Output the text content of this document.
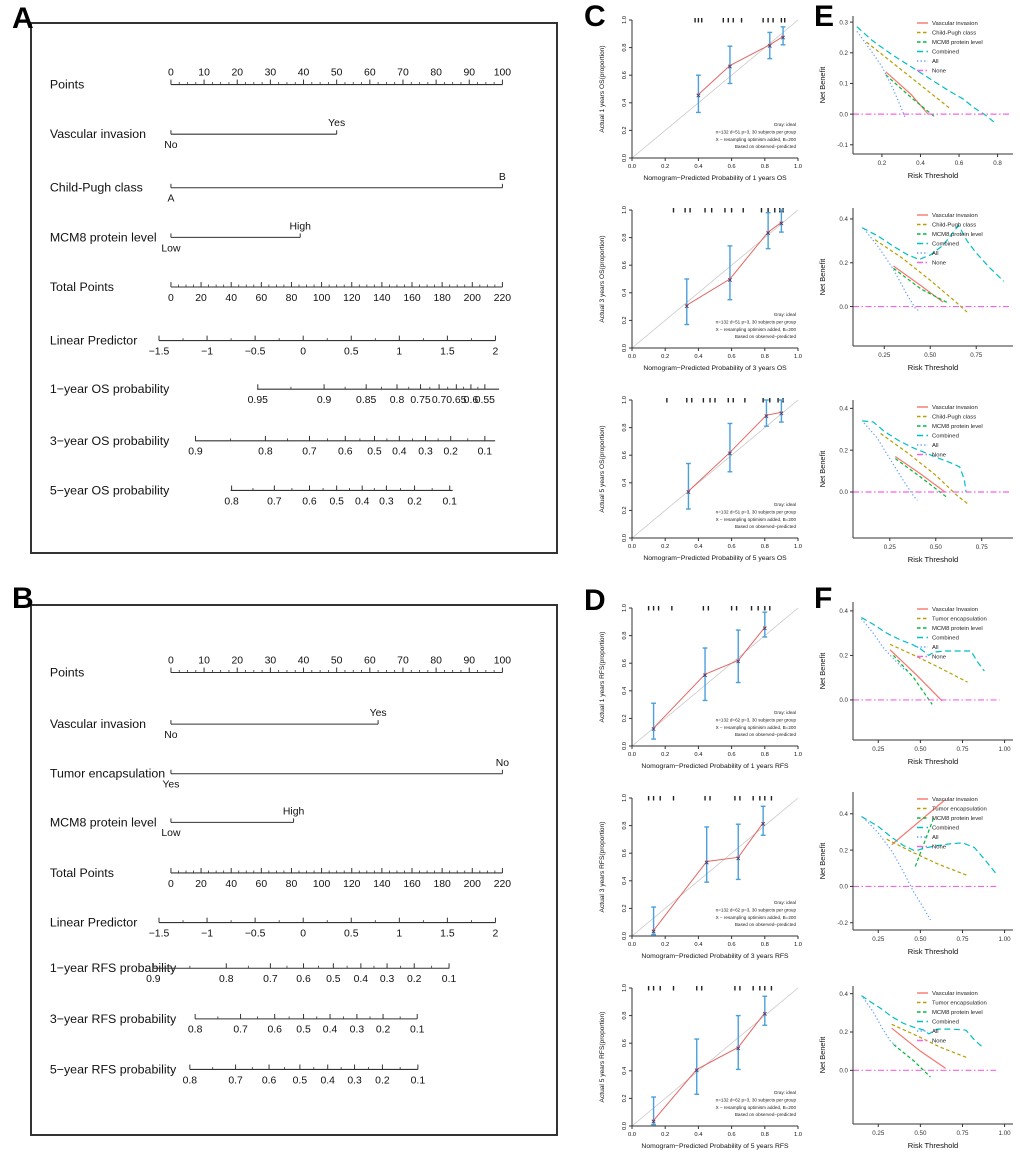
A
B
C
D
E
F
Points
0 10 20 30 40 50 60 70 80 90 100
Vascular invasion
No
Yes
Child-Pugh class
A
B
MCM8 protein level
Low
High
Total Points
0 20 40 60 80 100 120 140 160 180 200 220
Linear Predictor
−1.5	−1	−0.5	0	0.5	1	1.5	2
1−year OS probability
0.95	0.9 0.85 0.8 0.75 0.7 0.65
0.6
0.55
3−year OS probability
0.9	0.8	0.7 0.6 0.5 0.4 0.3 0.2 0.1
5−year OS probability
0.8	0.7 0.6 0.5 0.4 0.3 0.2 0.1
Points
0 10 20 30 40 50 60 70 80 90 100
Vascular invasion
No
Yes
Tumor encapsulation
Yes
No
MCM8 protein level
Low
High
Total Points
0 20 40 60 80 100 120 140 160 180 200 220
Linear Predictor
−1.5	−1	−0.5	0	0.5	1	1.5	2
1−year RFS probability
0.9	0.8	0.7 0.6 0.5 0.4 0.3 0.2 0.1
3−year RFS probability
0.8	0.7 0.6 0.5 0.4 0.3 0.2 0.1
5−year RFS probability
0.8	0.7 0.6 0.5 0.4 0.3 0.2 0.1
0.0
0.0
0.2
0.2
0.4
0.4
0.6
0.6
0.8
0.8
1.0
1.0
Actual 1 years OS(proportion)
Nomogram−Predicted Probability of 1 years OS
Gray: ideal
n=132 d=51 p=3, 30 subjects per group
X − resampling optimism added, B=200
Based on observed−predicted
0.0
0.0
0.2
0.2
0.4
0.4
0.6
0.6
0.8
0.8
1.0
1.0
Actual 3 years OS(proportion)
Nomogram−Predicted Probability of 3 years OS
Gray: ideal
n=132 d=51 p=3, 30 subjects per group
X − resampling optimism added, B=200
Based on observed−predicted
0.0
0.0
0.2
0.2
0.4
0.4
0.6
0.6
0.8
0.8
1.0
1.0
Actual 5 years OS(proportion)
Nomogram−Predicted Probability of 5 years OS
Gray: ideal
n=132 d=51 p=3, 30 subjects per group
X − resampling optimism added, B=200
Based on observed−predicted
0.0
0.0
0.2
0.2
0.4
0.4
0.6
0.6
0.8
0.8
1.0
1.0
Actual 1 years RFS(proportion)
Nomogram−Predicted Probability of 1 years RFS
Gray: ideal
n=132 d=62 p=3, 30 subjects per group
X − resampling optimism added, B=200
Based on observed−predicted
0.0
0.0
0.2
0.2
0.4
0.4
0.6
0.6
0.8
0.8
1.0
1.0
Actual 3 years RFS(proportion)
Nomogram−Predicted Probability of 3 years RFS
Gray: ideal
n=132 d=62 p=3, 30 subjects per group
X − resampling optimism added, B=200
Based on observed−predicted
0.0
0.0
0.2
0.2
0.4
0.4
0.6
0.6
0.8
0.8
1.0
1.0
Actual 5 years RFS(proportion)
Nomogram−Predicted Probability of 5 years RFS
Gray: ideal
n=132 d=62 p=3, 30 subjects per group
X − resampling optimism added, B=200
Based on observed−predicted
0.2	0.4	0.6	0.8
-0.1
0.0
0.1
0.2
0.3
Net Benefit
Risk Threshold
Vascular invasion
Child-Pugh class
MCM8 protein level
Combined
All
None
0.25	0.50	0.75
0.0
0.2
0.4
Net Benefit
Risk Threshold
Vascular invasion
Child-Pugh class
MCM8 protein level
Combined
All
None
0.25	0.50	0.75
0.0
0.2
0.4
Net Benefit
Risk Threshold
Vascular invasion
Child-Pugh class
MCM8 protein level
Combined
All
None
0.25	0.50	0.75	1.00
0.0
0.2
0.4
Net Benefit
Risk Threshold
Vascular Invasion
Tumor encapsulation
MCM8 protein level
Combined
All
None
0.25	0.50	0.75	1.00
-0.2
0.0
0.2
0.4
Net Benefit
Risk Threshold
Vascular invasion
Tumor encapsulation
MCM8 protein level
Combined
All
None
0.25	0.50	0.75	1.00
0.0
0.2
0.4
Net Benefit
Risk Threshold
Vascular invasion
Tumor encapsulation
MCM8 protein level
Combined
All
None
